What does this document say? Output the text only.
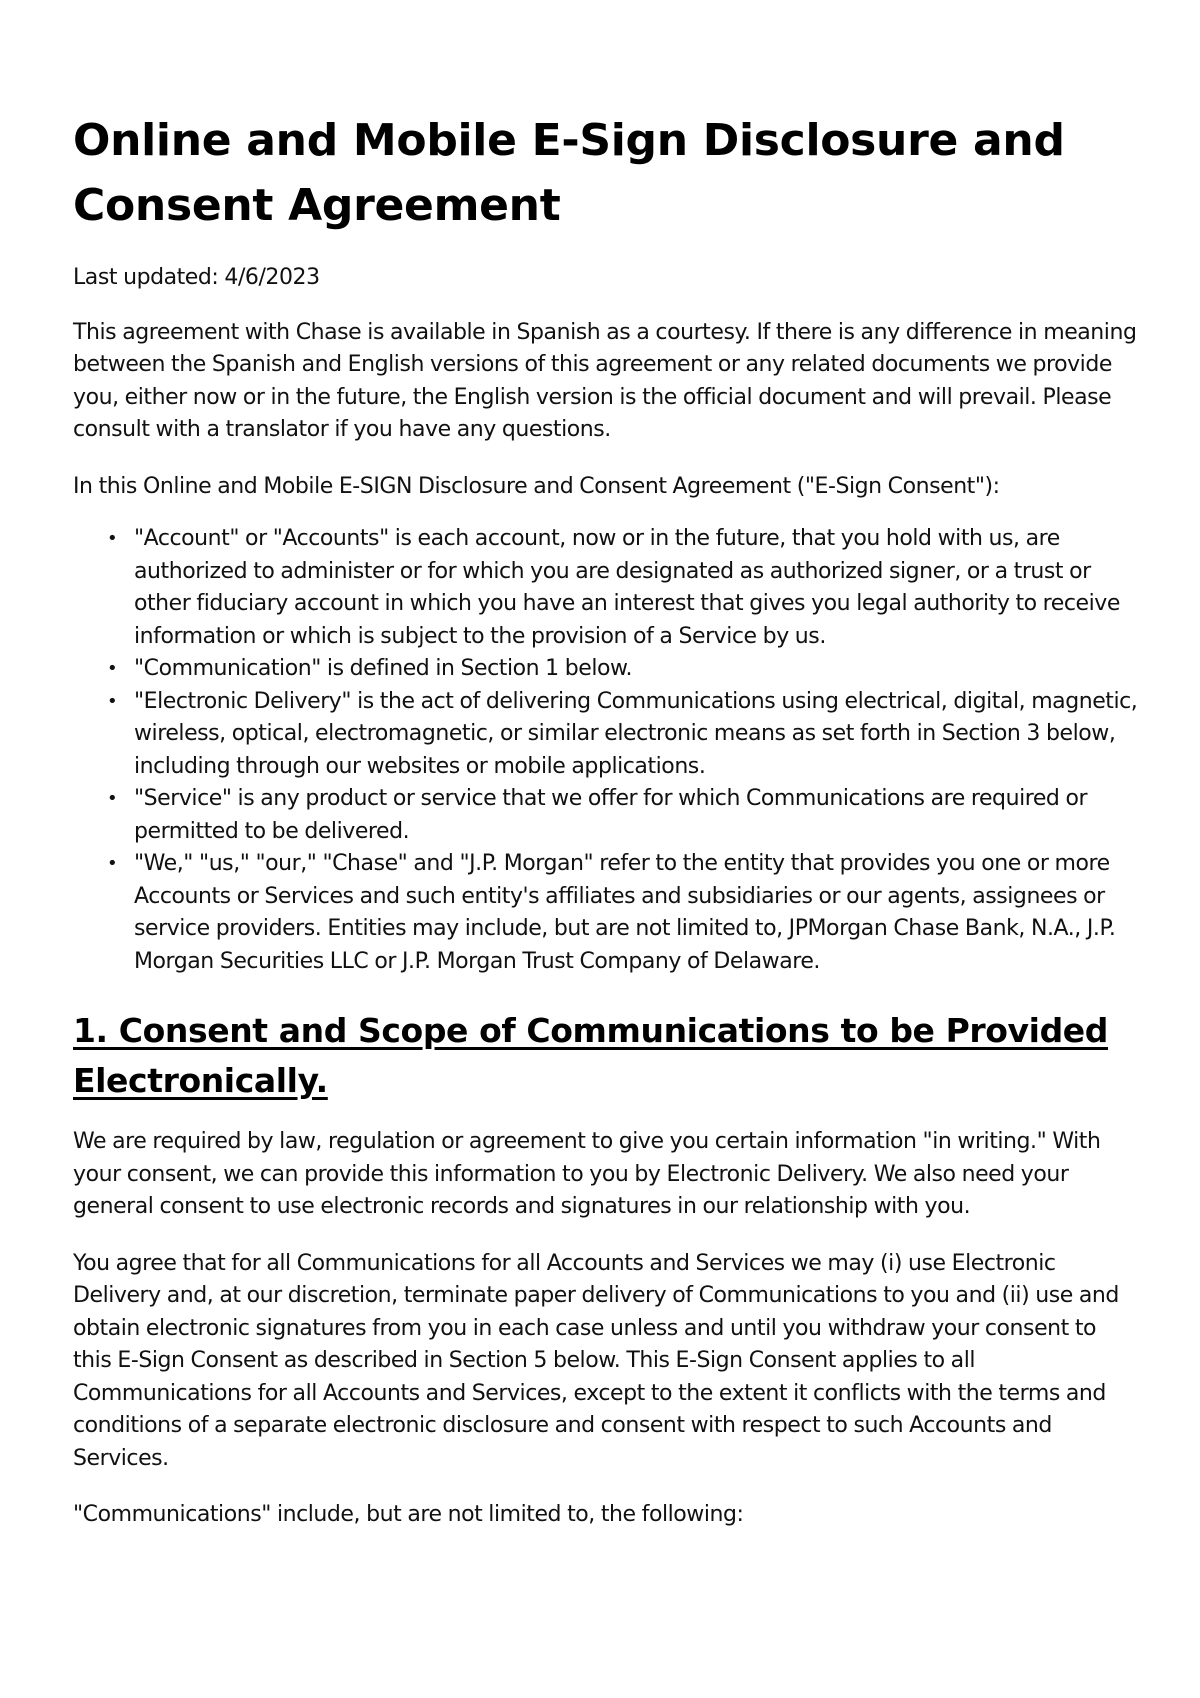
Online and Mobile E-Sign Disclosure and Consent Agreement

Last updated: 4/6/2023

This agreement with Chase is available in Spanish as a courtesy. If there is any difference in meaning between the Spanish and English versions of this agreement or any related documents we provide you, either now or in the future, the English version is the official document and will prevail. Please consult with a translator if you have any questions.

In this Online and Mobile E-SIGN Disclosure and Consent Agreement ("E-Sign Consent"):

• "Account" or "Accounts" is each account, now or in the future, that you hold with us, are authorized to administer or for which you are designated as authorized signer, or a trust or other fiduciary account in which you have an interest that gives you legal authority to receive information or which is subject to the provision of a Service by us.
• "Communication" is defined in Section 1 below.
• "Electronic Delivery" is the act of delivering Communications using electrical, digital, magnetic, wireless, optical, electromagnetic, or similar electronic means as set forth in Section 3 below, including through our websites or mobile applications.
• "Service" is any product or service that we offer for which Communications are required or permitted to be delivered.
• "We," "us," "our," "Chase" and "J.P. Morgan" refer to the entity that provides you one or more Accounts or Services and such entity's affiliates and subsidiaries or our agents, assignees or service providers. Entities may include, but are not limited to, JPMorgan Chase Bank, N.A., J.P. Morgan Securities LLC or J.P. Morgan Trust Company of Delaware.
1. Consent and Scope of Communications to be Provided Electronically.

We are required by law, regulation or agreement to give you certain information "in writing." With your consent, we can provide this information to you by Electronic Delivery. We also need your general consent to use electronic records and signatures in our relationship with you.

You agree that for all Communications for all Accounts and Services we may (i) use Electronic Delivery and, at our discretion, terminate paper delivery of Communications to you and (ii) use and obtain electronic signatures from you in each case unless and until you withdraw your consent to this E-Sign Consent as described in Section 5 below. This E-Sign Consent applies to all Communications for all Accounts and Services, except to the extent it conflicts with the terms and conditions of a separate electronic disclosure and consent with respect to such Accounts and Services.

"Communications" include, but are not limited to, the following:
